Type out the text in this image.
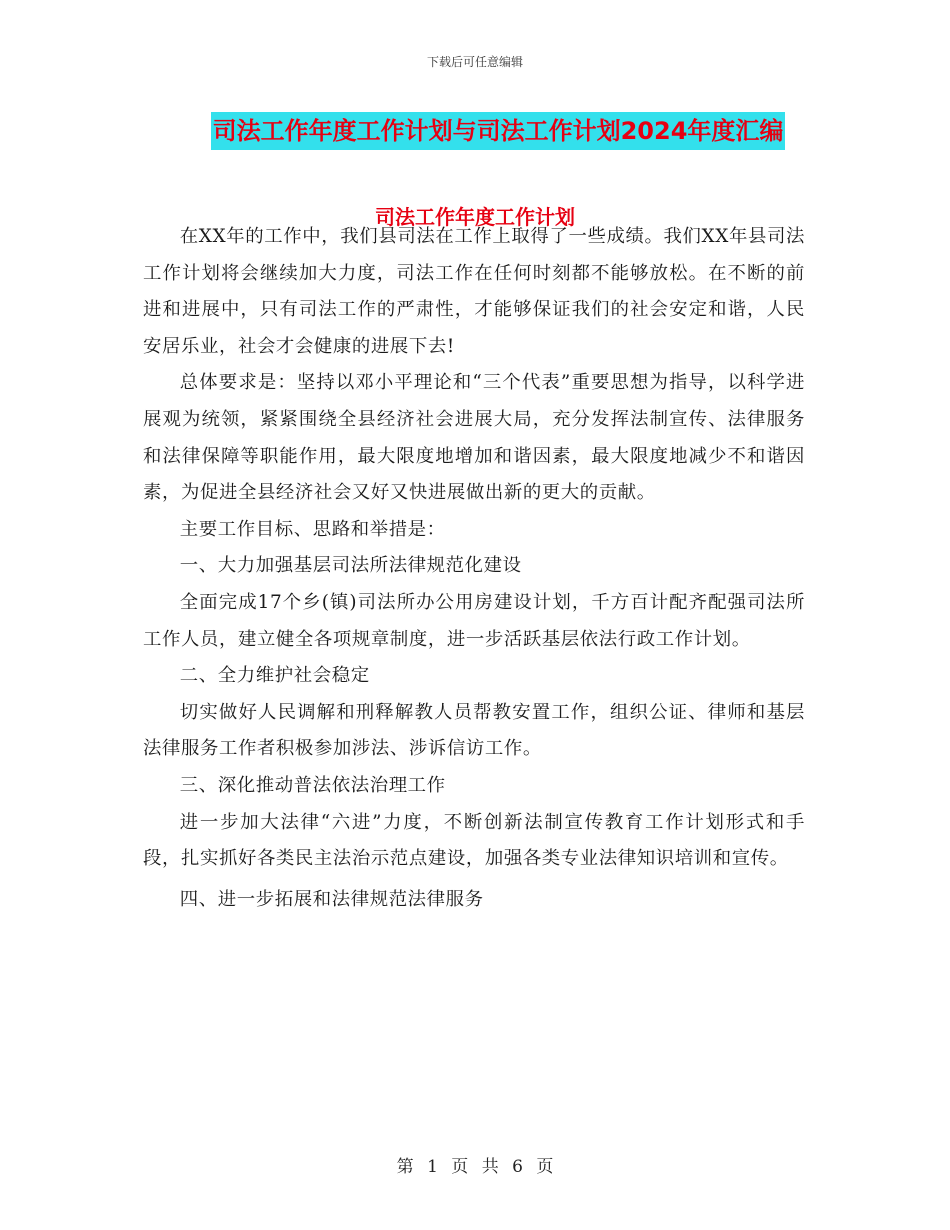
下载后可任意编辑
司法工作年度工作计划与司法工作计划2024年度汇编
司法工作年度工作计划

在XX年的工作中，我们县司法在工作上取得了一些成绩。我们XX年县司法工作计划将会继续加大力度，司法工作在任何时刻都不能够放松。在不断的前进和进展中，只有司法工作的严肃性，才能够保证我们的社会安定和谐，人民安居乐业，社会才会健康的进展下去!

总体要求是：坚持以邓小平理论和“三个代表”重要思想为指导，以科学进展观为统领，紧紧围绕全县经济社会进展大局，充分发挥法制宣传、法律服务和法律保障等职能作用，最大限度地增加和谐因素，最大限度地减少不和谐因素，为促进全县经济社会又好又快进展做出新的更大的贡献。

主要工作目标、思路和举措是：

一、大力加强基层司法所法律规范化建设

全面完成17个乡(镇)司法所办公用房建设计划，千方百计配齐配强司法所工作人员，建立健全各项规章制度，进一步活跃基层依法行政工作计划。

二、全力维护社会稳定

切实做好人民调解和刑释解教人员帮教安置工作，组织公证、律师和基层法律服务工作者积极参加涉法、涉诉信访工作。

三、深化推动普法依法治理工作

进一步加大法律“六进”力度，不断创新法制宣传教育工作计划形式和手段，扎实抓好各类民主法治示范点建设，加强各类专业法律知识培训和宣传。

四、进一步拓展和法律规范法律服务

第 1 页 共 6 页
